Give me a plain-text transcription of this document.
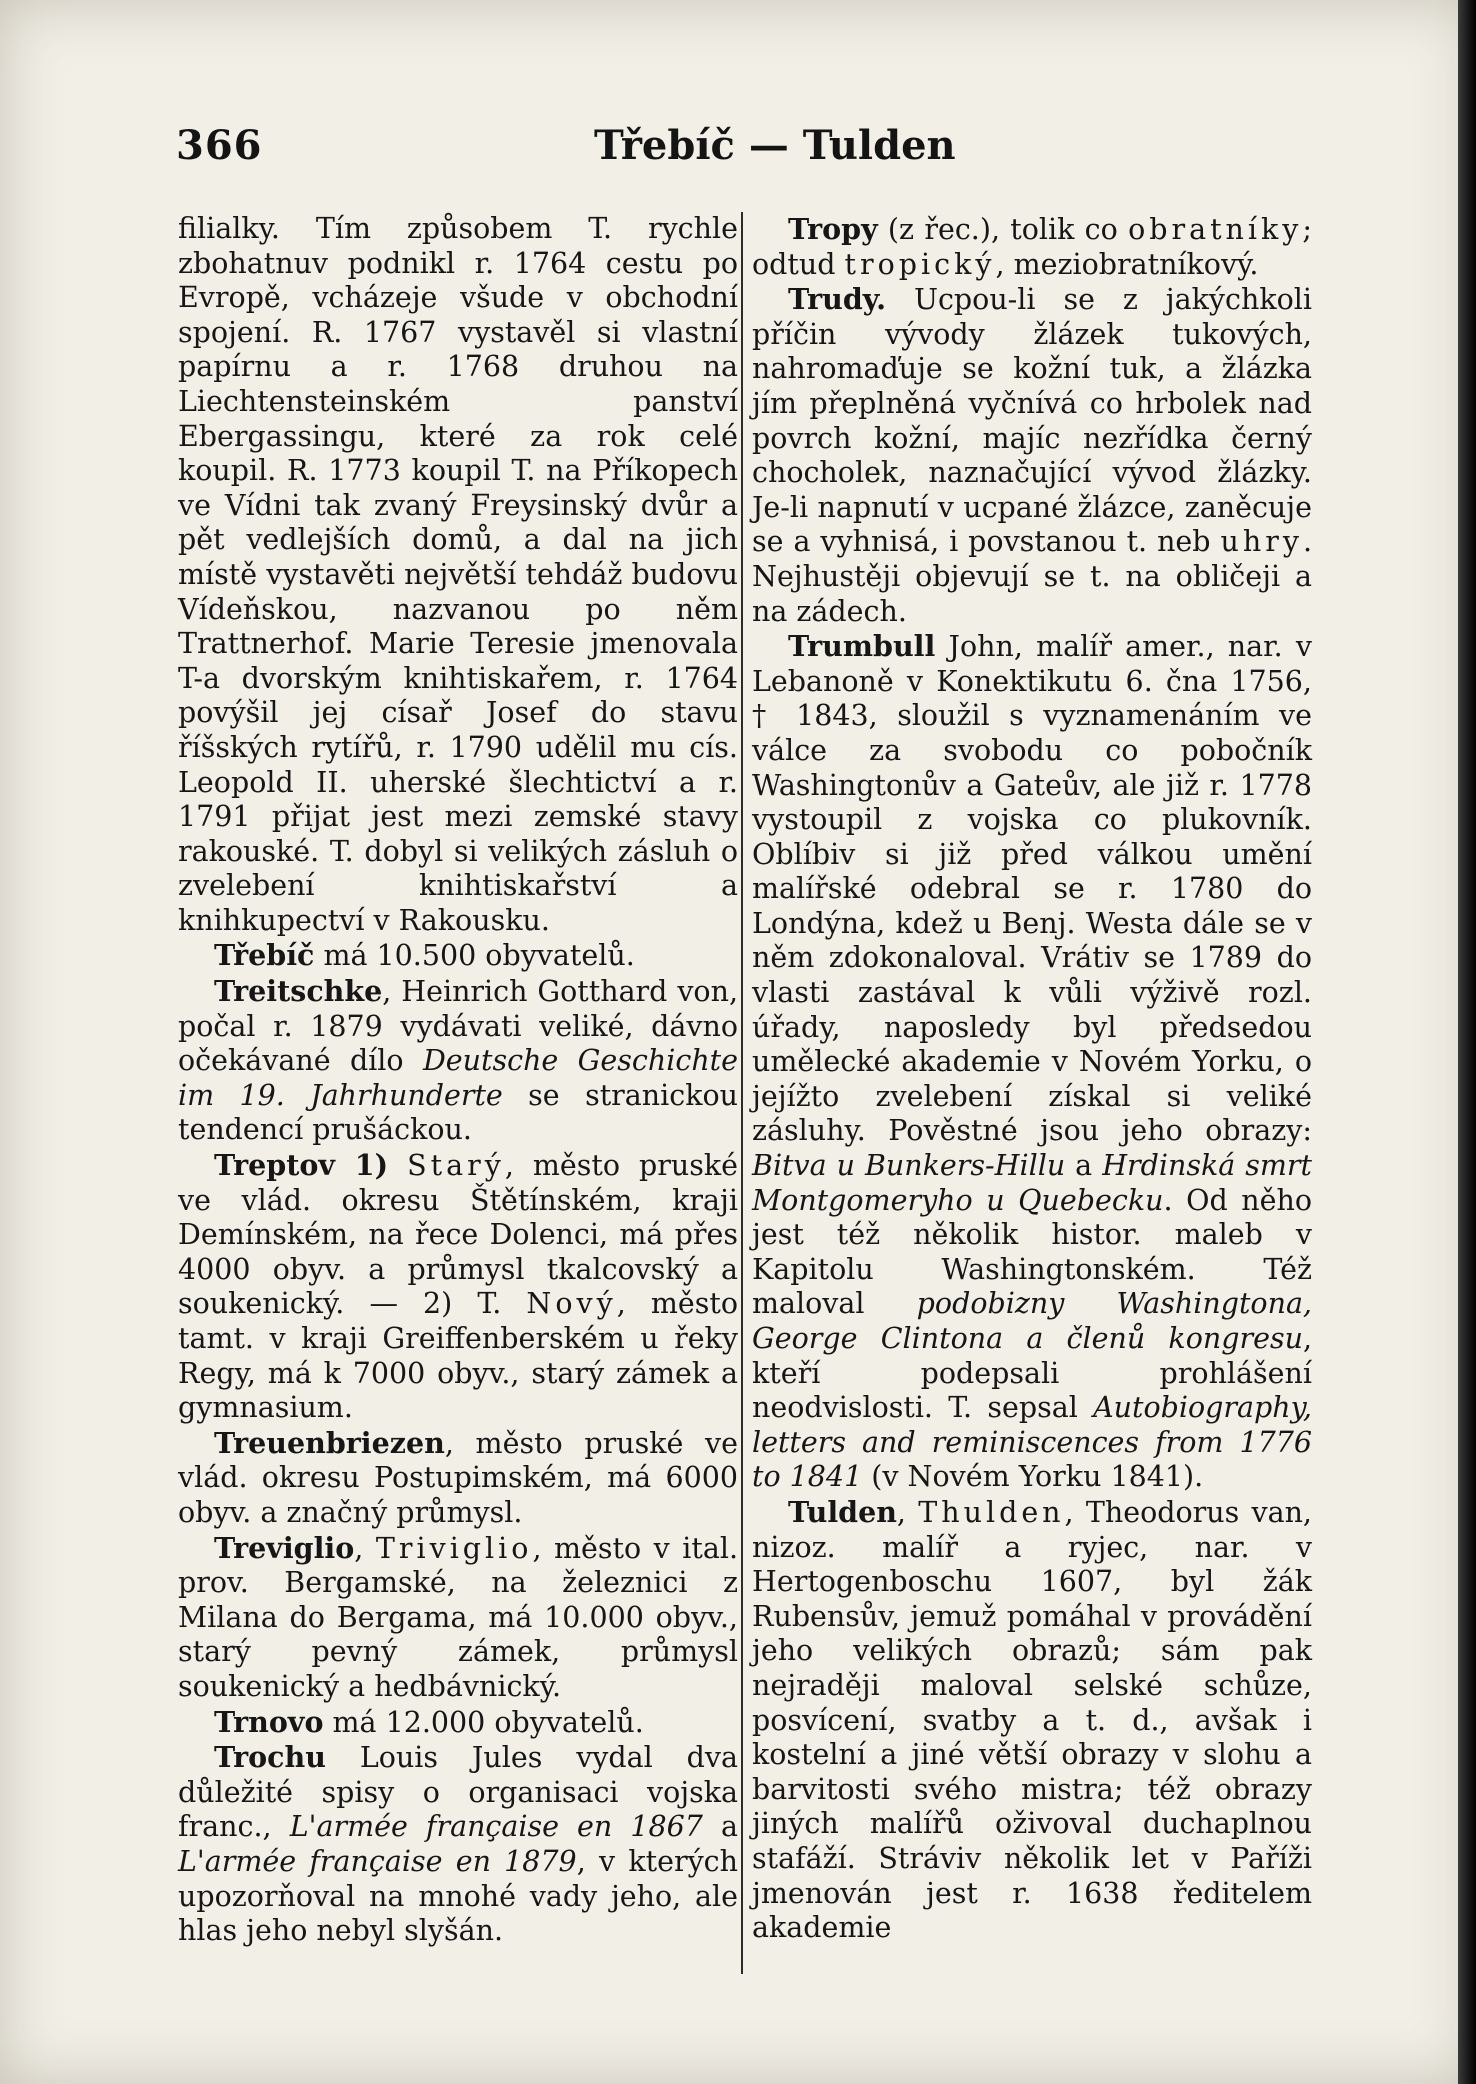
366	Třebíč — Tulden

filialky. Tím způsobem T. rychle zbohatnuv podnikl r. 1764 cestu po Evropě, vcházeje všude v obchodní spojení. R. 1767 vystavěl si vlastní papírnu a r. 1768 druhou na Liechtensteinském panství Ebergassingu, které za rok celé koupil. R. 1773 koupil T. na Příkopech ve Vídni tak zvaný Freysinský dvůr a pět vedlejších domů, a dal na jich místě vystavěti největší tehdáž budovu Vídeňskou, nazvanou po něm Trattnerhof. Marie Teresie jmenovala T-a dvorským knihtiskařem, r. 1764 povýšil jej císař Josef do stavu říšských rytířů, r. 1790 udělil mu cís. Leopold II. uherské šlechtictví a r. 1791 přijat jest mezi zemské stavy rakouské. T. dobyl si velikých zásluh o zvelebení knihtiskařství a knihkupectví v Rakousku.

Třebíč má 10.500 obyvatelů.

Treitschke, Heinrich Gotthard von, počal r. 1879 vydávati veliké, dávno očekávané dílo Deutsche Geschichte im 19. Jahrhunderte se stranickou tendencí prušáckou.

Treptov 1) Starý, město pruské ve vlád. okresu Štětínském, kraji Demínském, na řece Dolenci, má přes 4000 obyv. a průmysl tkalcovský a soukenický. — 2) T. Nový, město tamt. v kraji Greiffenberském u řeky Regy, má k 7000 obyv., starý zámek a gymnasium.

Treuenbriezen, město pruské ve vlád. okresu Postupimském, má 6000 obyv. a značný průmysl.

Treviglio, Triviglio, město v ital. prov. Bergamské, na železnici z Milana do Bergama, má 10.000 obyv., starý pevný zámek, průmysl soukenický a hedbávnický.

Trnovo má 12.000 obyvatelů.

Trochu Louis Jules vydal dva důležité spisy o organisaci vojska franc., L'armée française en 1867 a L'armée française en 1879, v kterých upozorňoval na mnohé vady jeho, ale hlas jeho nebyl slyšán.

Tropy (z řec.), tolik co obratníky; odtud tropický, meziobratníkový.

Trudy. Ucpou-li se z jakýchkoli příčin vývody žlázek tukových, nahromaďuje se kožní tuk, a žlázka jím přeplněná vyčnívá co hrbolek nad povrch kožní, majíc nezřídka černý chocholek, naznačující vývod žlázky. Je-li napnutí v ucpané žlázce, zaněcuje se a vyhnisá, i povstanou t. neb uhry. Nejhustěji objevují se t. na obličeji a na zádech.

Trumbull John, malíř amer., nar. v Lebanoně v Konektikutu 6. čna 1756, † 1843, sloužil s vyznamenáním ve válce za svobodu co pobočník Washingtonův a Gateův, ale již r. 1778 vystoupil z vojska co plukovník. Oblíbiv si již před válkou umění malířské odebral se r. 1780 do Londýna, kdež u Benj. Westa dále se v něm zdokonaloval. Vrátiv se 1789 do vlasti zastával k vůli výživě rozl. úřady, naposledy byl předsedou umělecké akademie v Novém Yorku, o jejížto zvelebení získal si veliké zásluhy. Pověstné jsou jeho obrazy: Bitva u Bunkers-Hillu a Hrdinská smrt Montgomeryho u Quebecku. Od něho jest též několik histor. maleb v Kapitolu Washingtonském. Též maloval podobizny Washingtona, George Clintona a členů kongresu, kteří podepsali prohlášení neodvislosti. T. sepsal Autobiography, letters and reminiscences from 1776 to 1841 (v Novém Yorku 1841).

Tulden, Thulden, Theodorus van, nizoz. malíř a ryjec, nar. v Hertogenboschu 1607, byl žák Rubensův, jemuž pomáhal v provádění jeho velikých obrazů; sám pak nejraději maloval selské schůze, posvícení, svatby a t. d., avšak i kostelní a jiné větší obrazy v slohu a barvitosti svého mistra; též obrazy jiných malířů oživoval duchaplnou stafáží. Stráviv několik let v Paříži jmenován jest r. 1638 ředitelem akademie
